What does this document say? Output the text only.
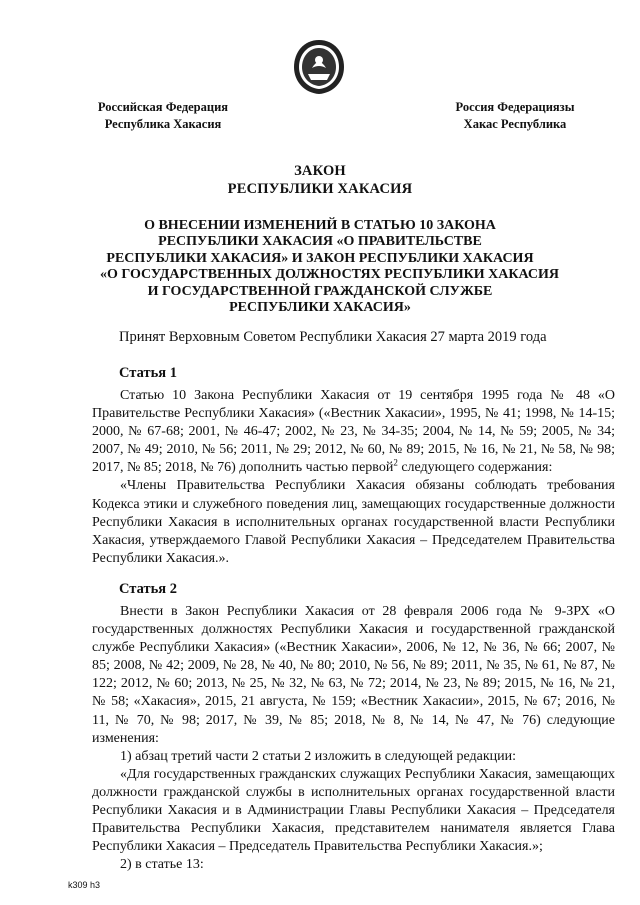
Российская Федерация
Республика Хакасия
Россия Федерациязы
Хакас Республика
ЗАКОН
РЕСПУБЛИКИ ХАКАСИЯ
О ВНЕСЕНИИ ИЗМЕНЕНИЙ В СТАТЬЮ 10 ЗАКОНА
РЕСПУБЛИКИ ХАКАСИЯ «О ПРАВИТЕЛЬСТВЕ
РЕСПУБЛИКИ ХАКАСИЯ» И ЗАКОН РЕСПУБЛИКИ ХАКАСИЯ
«О ГОСУДАРСТВЕННЫХ ДОЛЖНОСТЯХ РЕСПУБЛИКИ ХАКАСИЯ
И ГОСУДАРСТВЕННОЙ ГРАЖДАНСКОЙ СЛУЖБЕ
РЕСПУБЛИКИ ХАКАСИЯ»
Принят Верховным Советом Республики Хакасия 27 марта 2019 года
Статья 1

Статью 10 Закона Республики Хакасия от 19 сентября 1995 года № 48 «О Правительстве Республики Хакасия» («Вестник Хакасии», 1995, № 41; 1998, № 14-15; 2000, № 67-68; 2001, № 46-47; 2002, № 23, № 34-35; 2004, № 14, № 59; 2005, № 34; 2007, № 49; 2010, № 56; 2011, № 29; 2012, № 60, № 89; 2015, № 16, № 21, № 58, № 98; 2017, № 85; 2018, № 76) дополнить частью первой$^2$ следующего содержания:

«Члены Правительства Республики Хакасия обязаны соблюдать требования Кодекса этики и служебного поведения лиц, замещающих государственные должности Республики Хакасия в исполнительных органах государственной власти Республики Хакасия, утверждаемого Главой Республики Хакасия – Председателем Правительства Республики Хакасия.».

Статья 2

Внести в Закон Республики Хакасия от 28 февраля 2006 года № 9-ЗРХ «О государственных должностях Республики Хакасия и государственной гражданской службе Республики Хакасия» («Вестник Хакасии», 2006, № 12, № 36, № 66; 2007, № 85; 2008, № 42; 2009, № 28, № 40, № 80; 2010, № 56, № 89; 2011, № 35, № 61, № 87, № 122; 2012, № 60; 2013, № 25, № 32, № 63, № 72; 2014, № 23, № 89; 2015, № 16, № 21, № 58; «Хакасия», 2015, 21 августа, № 159; «Вестник Хакасии», 2015, № 67; 2016, № 11, № 70, № 98; 2017, № 39, № 85; 2018, № 8, № 14, № 47, № 76) следующие изменения:

1) абзац третий части 2 статьи 2 изложить в следующей редакции:

«Для государственных гражданских служащих Республики Хакасия, замещающих должности гражданской службы в исполнительных органах государственной власти Республики Хакасия и в Администрации Главы Республики Хакасия – Председателя Правительства Республики Хакасия, представителем нанимателя является Глава Республики Хакасия – Председатель Правительства Республики Хакасия.»;

2) в статье 13:

k309 h3
